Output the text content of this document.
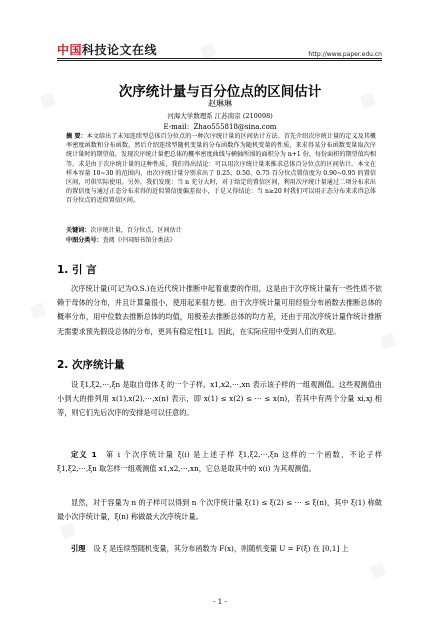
中国科技论文在线	http://www.paper.edu.cn
次序统计量与百分位点的区间估计
赵琳琳
河海大学数理系 江苏南京 (210098)
E-mail：Zhao555818@sina.com
摘 要：本文给出了未知连续型总体百分位点的一种次序统计量的区间估计方法。首先介绍次序统计量的定义及其概率密度函数和分布函数，然后介绍连续型随机变量的分布函数作为随机变量的性质，来求得某分布函数变量取次序统计量时的期望值，发现次序统计量把总体的概率密度曲线与横轴所围的面积分为 n+1 份，每份面积的期望值均相等。求是由于次序统计量的这种性质，我们得出结论：可以用次序统计量来推求总体百分位点的区间估计。本文在样本容量 10~30 的范围内，由次序统计量分别求出了 0.25、0.50、0.75 百分位点置信度为 0.90~0.95 的置信区间，可供实际使用。另外，我们发现：当 n 充分大时，对于给定的置信区间，利用次序统计量通过二项分布求出的置信度与通过正态分布求得的近似置信度偏差很小，于是又得结论：当 n≥20 时我们可以用正态分布来求得总体百分位点的近似置信区间。
关键词：次序统计量，百分位点，区间估计
中图分类号：查阅《中国图书馆分类法》
1. 引 言
次序统计量(可记为O.S.)在近代统计推断中起着重要的作用，这是由于次序统计量有一些性质不依赖于母体的分布，并且计算量很小，使用起来很方便。由于次序统计量可用经验分布函数去推断总体的概率分布，用中位数去推断总体的均值，用极差去推断总体的均方差，还由于用次序统计量作统计推断无需要求预先假设总体的分布，更具有稳定性[1]。因此，在实际应用中受到人们的欢迎。
2. 次序统计量
设 ξ1,ξ2,⋯,ξn 是取自母体 ξ 的一个子样，x1,x2,⋯,xn 表示该子样的一组观测值。这些观测值由小到大的排列用 x(1),x(2),⋯,x(n) 表示，即 x(1) ≤ x(2) ≤ ⋯ ≤ x(n)，若其中有两个分量 xi,xj 相等，则它们先后次序的安排是可以任意的。
定义 1 第 i 个次序统计量 ξ(i) 是上述子样 ξ1,ξ2,⋯,ξn 这样的一个函数，不论子样 ξ1,ξ2,⋯,ξn 取怎样一组观测值 x1,x2,⋯,xn，它总是取其中的 x(i) 为其观测值。
显然，对于容量为 n 的子样可以得到 n 个次序统计量 ξ(1) ≤ ξ(2) ≤ ⋯ ≤ ξ(n)，其中 ξ(1) 称做最小次序统计量，ξ(n) 称做最大次序统计量。
引理 设 ξ 是连续型随机变量，其分布函数为 F(x)，则随机变量 U = F(ξ) 在 [0,1] 上
- 1 -
▦
▦
▦
▦
▦
▦
▦
